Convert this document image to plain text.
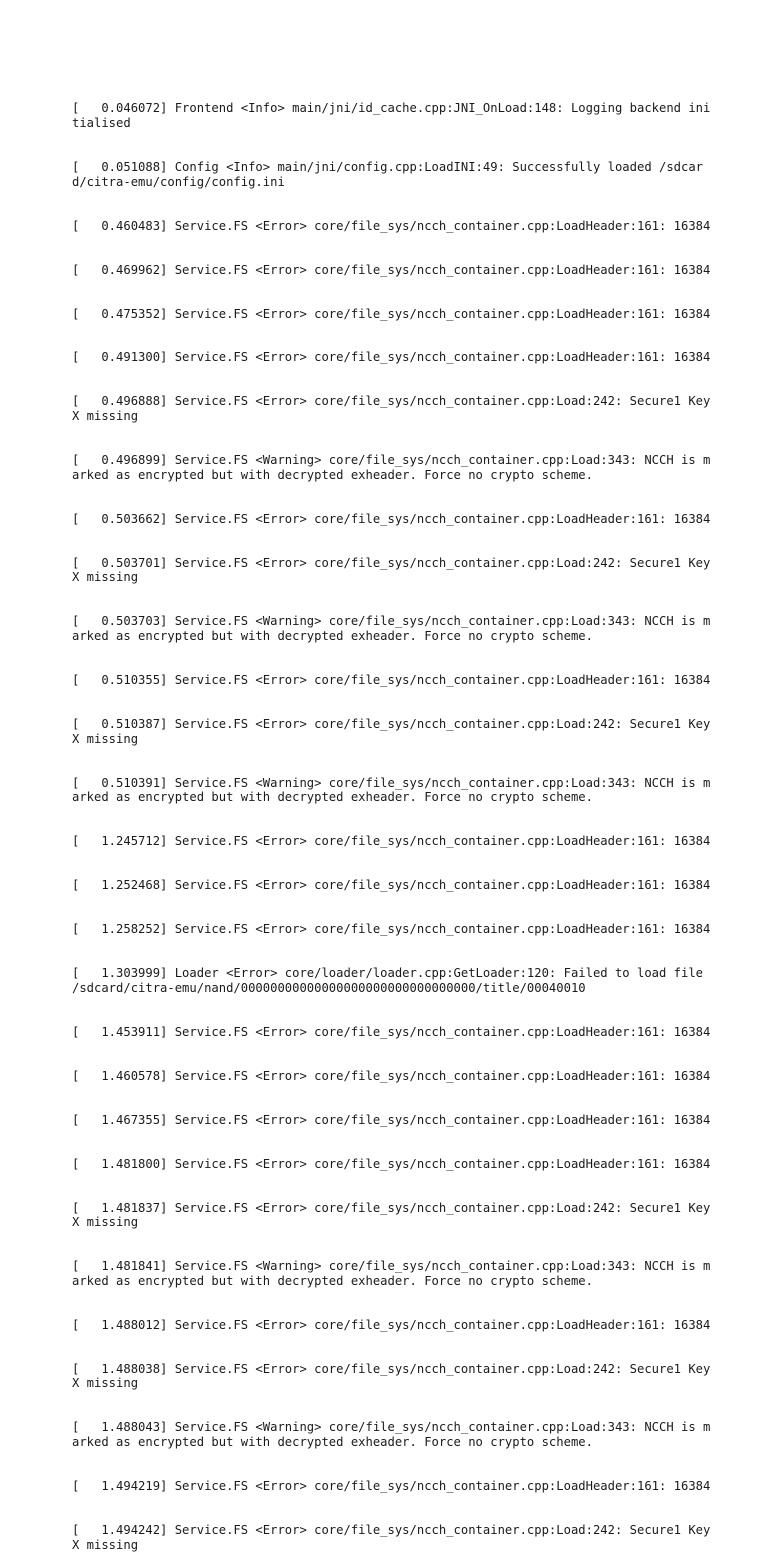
[   0.046072] Frontend <Info> main/jni/id_cache.cpp:JNI_OnLoad:148: Logging backend initialised

[   0.051088] Config <Info> main/jni/config.cpp:LoadINI:49: Successfully loaded /sdcard/citra-emu/config/config.ini

[   0.460483] Service.FS <Error> core/file_sys/ncch_container.cpp:LoadHeader:161: 16384

[   0.469962] Service.FS <Error> core/file_sys/ncch_container.cpp:LoadHeader:161: 16384

[   0.475352] Service.FS <Error> core/file_sys/ncch_container.cpp:LoadHeader:161: 16384

[   0.491300] Service.FS <Error> core/file_sys/ncch_container.cpp:LoadHeader:161: 16384

[   0.496888] Service.FS <Error> core/file_sys/ncch_container.cpp:Load:242: Secure1 KeyX missing

[   0.496899] Service.FS <Warning> core/file_sys/ncch_container.cpp:Load:343: NCCH is marked as encrypted but with decrypted exheader. Force no crypto scheme.

[   0.503662] Service.FS <Error> core/file_sys/ncch_container.cpp:LoadHeader:161: 16384

[   0.503701] Service.FS <Error> core/file_sys/ncch_container.cpp:Load:242: Secure1 KeyX missing

[   0.503703] Service.FS <Warning> core/file_sys/ncch_container.cpp:Load:343: NCCH is marked as encrypted but with decrypted exheader. Force no crypto scheme.

[   0.510355] Service.FS <Error> core/file_sys/ncch_container.cpp:LoadHeader:161: 16384

[   0.510387] Service.FS <Error> core/file_sys/ncch_container.cpp:Load:242: Secure1 KeyX missing

[   0.510391] Service.FS <Warning> core/file_sys/ncch_container.cpp:Load:343: NCCH is marked as encrypted but with decrypted exheader. Force no crypto scheme.

[   1.245712] Service.FS <Error> core/file_sys/ncch_container.cpp:LoadHeader:161: 16384

[   1.252468] Service.FS <Error> core/file_sys/ncch_container.cpp:LoadHeader:161: 16384

[   1.258252] Service.FS <Error> core/file_sys/ncch_container.cpp:LoadHeader:161: 16384

[   1.303999] Loader <Error> core/loader/loader.cpp:GetLoader:120: Failed to load file /sdcard/citra-emu/nand/00000000000000000000000000000000/title/00040010

[   1.453911] Service.FS <Error> core/file_sys/ncch_container.cpp:LoadHeader:161: 16384

[   1.460578] Service.FS <Error> core/file_sys/ncch_container.cpp:LoadHeader:161: 16384

[   1.467355] Service.FS <Error> core/file_sys/ncch_container.cpp:LoadHeader:161: 16384

[   1.481800] Service.FS <Error> core/file_sys/ncch_container.cpp:LoadHeader:161: 16384

[   1.481837] Service.FS <Error> core/file_sys/ncch_container.cpp:Load:242: Secure1 KeyX missing

[   1.481841] Service.FS <Warning> core/file_sys/ncch_container.cpp:Load:343: NCCH is marked as encrypted but with decrypted exheader. Force no crypto scheme.

[   1.488012] Service.FS <Error> core/file_sys/ncch_container.cpp:LoadHeader:161: 16384

[   1.488038] Service.FS <Error> core/file_sys/ncch_container.cpp:Load:242: Secure1 KeyX missing

[   1.488043] Service.FS <Warning> core/file_sys/ncch_container.cpp:Load:343: NCCH is marked as encrypted but with decrypted exheader. Force no crypto scheme.

[   1.494219] Service.FS <Error> core/file_sys/ncch_container.cpp:LoadHeader:161: 16384

[   1.494242] Service.FS <Error> core/file_sys/ncch_container.cpp:Load:242: Secure1 KeyX missing
